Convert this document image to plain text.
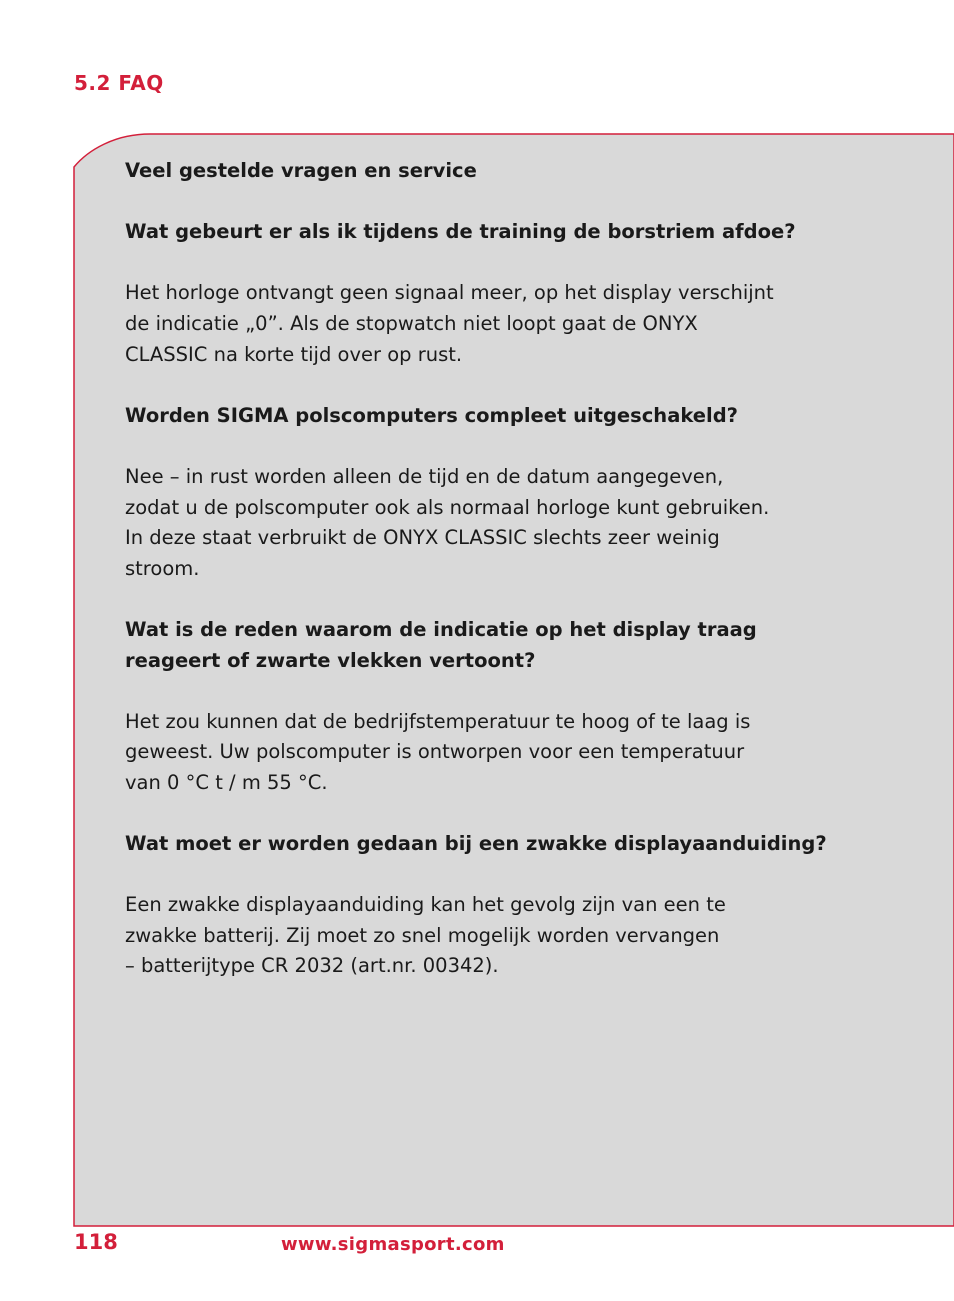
5.2 FAQ

Veel gestelde vragen en service

Wat gebeurt er als ik tijdens de training de borstriem afdoe?

Het horloge ontvangt geen signaal meer, op het display verschijnt
de indicatie „0”. Als de stopwatch niet loopt gaat de ONYX
CLASSIC na korte tijd over op rust.

Worden SIGMA polscomputers compleet uitgeschakeld?

Nee – in rust worden alleen de tijd en de datum aangegeven,
zodat u de polscomputer ook als normaal horloge kunt gebruiken.
In deze staat verbruikt de ONYX CLASSIC slechts zeer weinig
stroom.

Wat is de reden waarom de indicatie op het display traag
reageert of zwarte vlekken vertoont?

Het zou kunnen dat de bedrijfstemperatuur te hoog of te laag is
geweest. Uw polscomputer is ontworpen voor een temperatuur
van 0 °C t / m 55 °C.

Wat moet er worden gedaan bij een zwakke displayaanduiding?

Een zwakke displayaanduiding kan het gevolg zijn van een te
zwakke batterij. Zij moet zo snel mogelijk worden vervangen
– batterijtype CR 2032 (art.nr. 00342).

118	www.sigmasport.com
